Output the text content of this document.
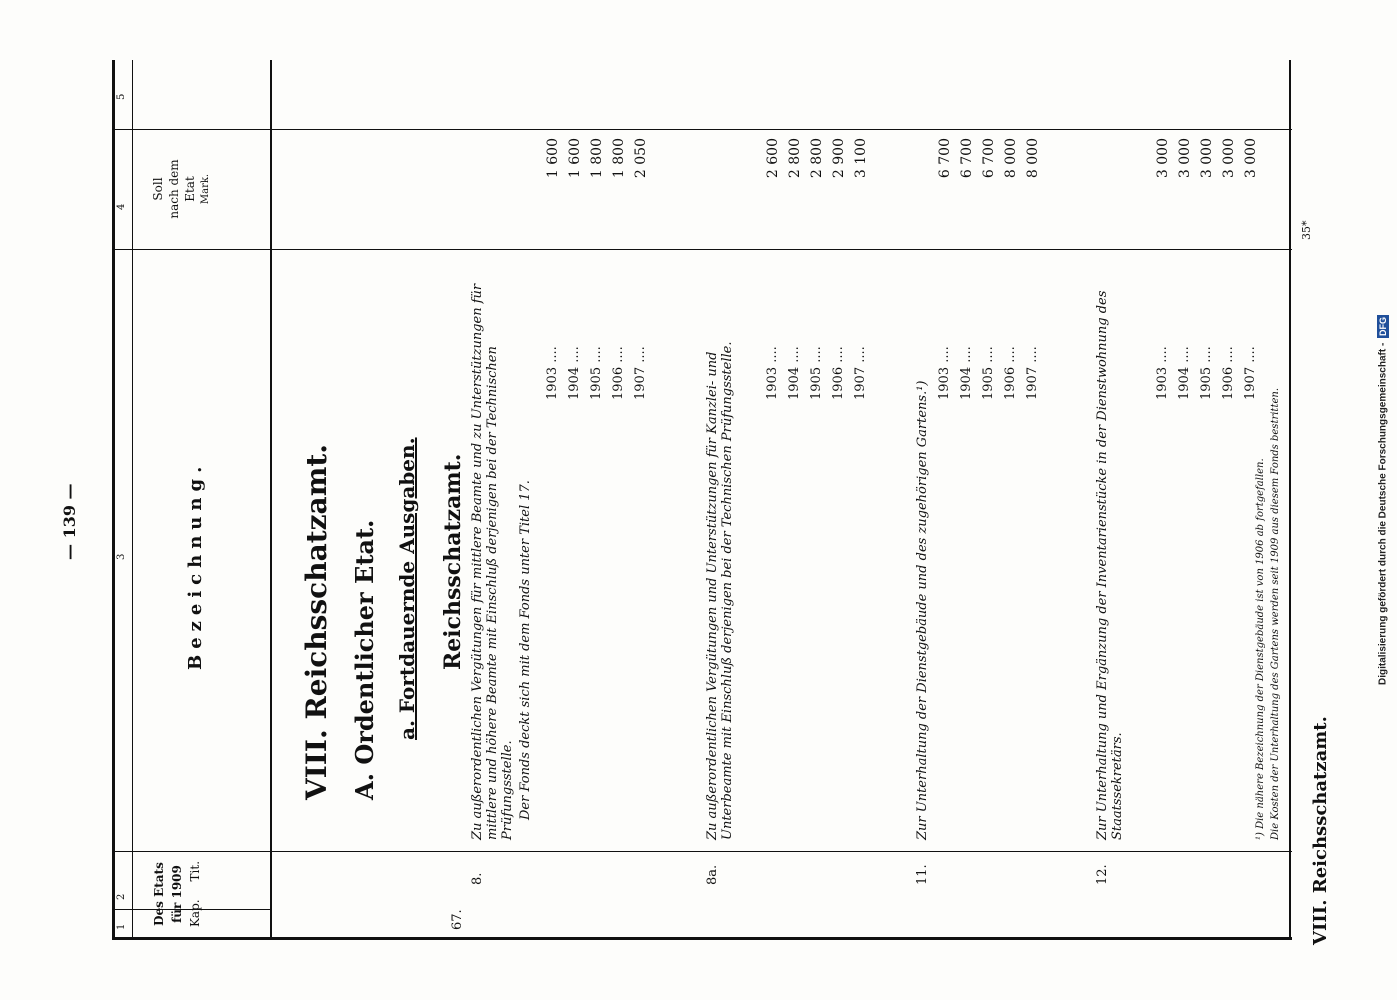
— 139 —
VIII. Reichsschatzamt.
1
2
3
4
5
Des Etats für 1909 Kap.
Tit.
Bezeichnung.
Soll nach dem Etat Mark.
VIII. Reichsschatzamt. A. Ordentlicher Etat. a. Fortdauernde Ausgaben. Reichsschatzamt.
67.
8.
Zu außerordentlichen Vergütungen für mittlere Beamte und zu Unterstützungen für mittlere und höhere Beamte mit Einschluß derjenigen bei der Technischen Prüfungsstelle. Der Fonds deckt sich mit dem Fonds unter Titel 17.
1903 ....
1 600
1904 ....
1 600
1905 ....
1 800
1906 ....
1 800
1907 ....
2 050
8a.
Zu außerordentlichen Vergütungen und Unterstützungen für Kanzlei- und Unterbeamte mit Einschluß derjenigen bei der Technischen Prüfungsstelle. 1903 ....
2 600
1904 ....
2 800
1905 ....
2 800
1906 ....
2 900
1907 ....
3 100
11.
Zur Unterhaltung der Dienstgebäude und des zugehörigen Gartens.¹)
1903 ....
6 700
1904 ....
6 700
1905 ....
6 700
1906 ....
8 000
1907 ....
8 000
12.
Zur Unterhaltung und Ergänzung der Inventarienstücke in der Dienstwohnung des Staatssekretärs.
1903 ....
3 000
1904 ....
3 000
1905 ....
3 000
1906 ....
3 000
1907 ....
3 000
¹) Die nähere Bezeichnung der Dienstgebäude ist von 1906 ab fortgefallen. Die Kosten der Unterhaltung des Gartens werden seit 1909 aus diesem Fonds bestritten.
35*
Digitalisierung gefördert durch die Deutsche Forschungsgemeinschaft -
DFG
